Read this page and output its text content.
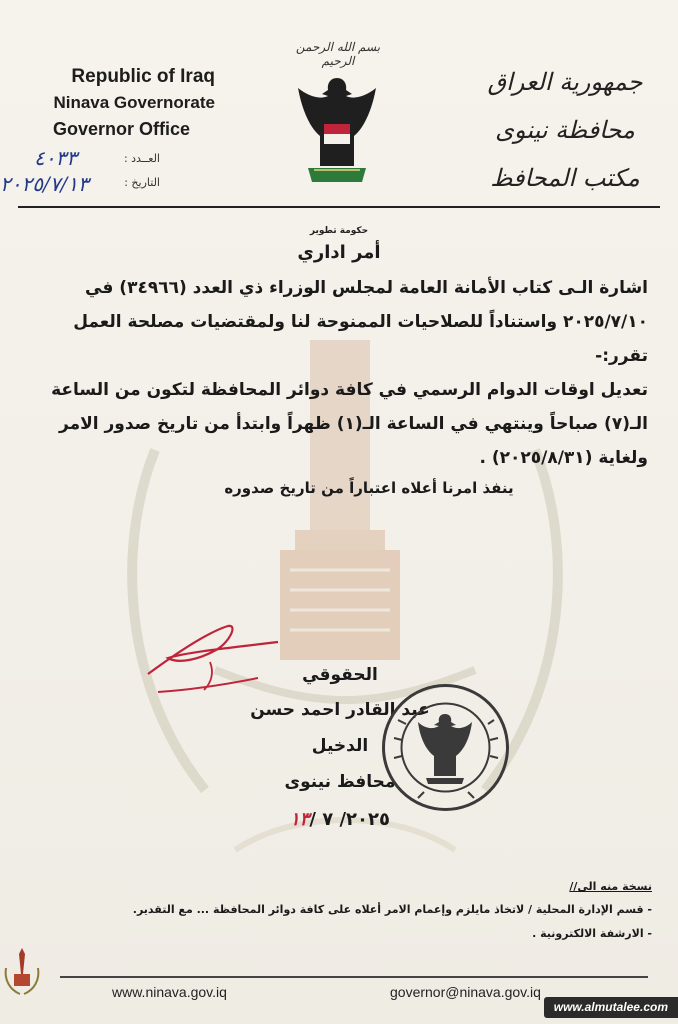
Republic of Iraq
Ninava Governorate
Governor Office
العــدد :
التاريخ :
٤٠٣٣
٢٠٢٥/٧/١٣
بسم الله الرحمن الرحيم
جمهورية العراق
محافظة نينوى
مكتب المحافظ
حكومة تطوير
أمر اداري
اشارة الـى كتاب الأمانة العامة لمجلس الوزراء ذي العدد (٣٤٩٦٦) في
٢٠٢٥/٧/١٠ واستناداً للصلاحيات الممنوحة لنا ولمقتضيات مصلحة العمل
تقرر:-
تعديل اوقات الدوام الرسمي في كافة دوائر المحافظة لتكون من الساعة
الـ(٧) صباحاً وينتهي في الساعة الـ(١) ظهراً وابتدأ من تاريخ صدور الامر
ولغاية (٢٠٢٥/٨/٣١) .
ينفذ امرنا أعلاه اعتباراً من تاريخ صدوره
الحقوقي
عبد القادر احمد حسن الدخيل
محافظ نينوى
٢٠٢٥/ ٧ /١٣
نسخة منه الى//
- قسم الإدارة المحلية / لاتخاذ مايلزم وإعمام الامر أعلاه على كافة دوائر المحافظة ... مع التقدير.
- الارشفة الالكترونية .
www.ninava.gov.iq	governor@ninava.gov.iq
www.almutalee.com
